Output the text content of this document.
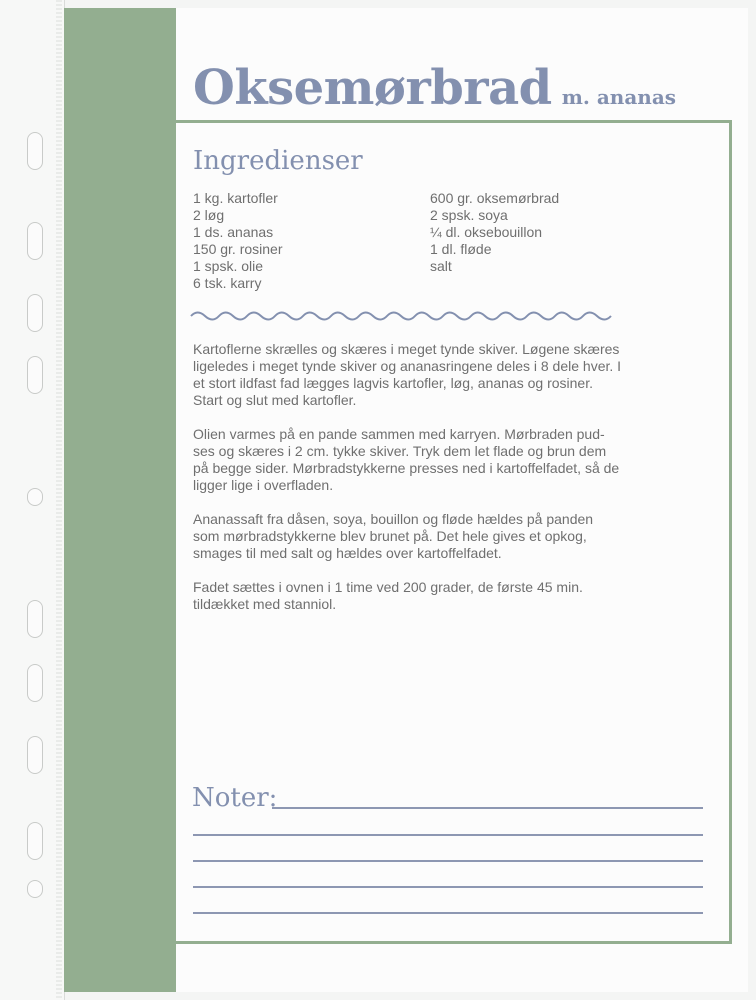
Oksemørbrad m. ananas
Ingredienser
1 kg. kartofler
2 løg
1 ds. ananas
150 gr. rosiner
1 spsk. olie
6 tsk. karry
600 gr. oksemørbrad
2 spsk. soya
¼ dl. oksebouillon
1 dl. fløde
salt

Kartoflerne skrælles og skæres i meget tynde skiver. Løgene skæres ligeledes i meget tynde skiver og ananasringene deles i 8 dele hver. I et stort ildfast fad lægges lagvis kartofler, løg, ananas og rosiner. Start og slut med kartofler.

Olien varmes på en pande sammen med karryen. Mørbraden pud-ses og skæres i 2 cm. tykke skiver. Tryk dem let flade og brun dem på begge sider. Mørbradstykkerne presses ned i kartoffelfadet, så de ligger lige i overfladen.

Ananassaft fra dåsen, soya, bouillon og fløde hældes på panden som mørbradstykkerne blev brunet på. Det hele gives et opkog, smages til med salt og hældes over kartoffelfadet.

Fadet sættes i ovnen i 1 time ved 200 grader, de første 45 min. tildækket med stanniol.

Noter:
